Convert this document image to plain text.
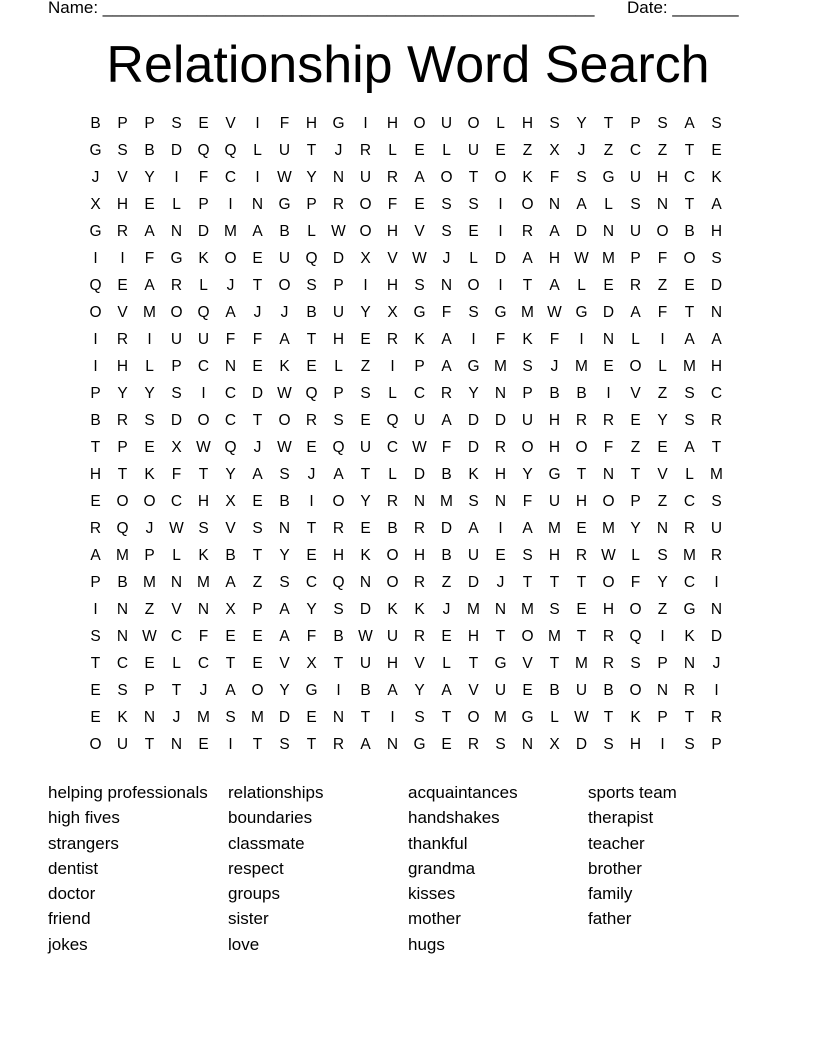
Name: ____________________________________________________ Date: _______
Relationship Word Search
B	P	P	S	E	V	I	F	H G	I	H O U O	L	H	S	Y	T	P	S	A	S
G	S	B	D Q Q	L	U	T	J	R	L	E	L	U	E	Z	X	J	Z	C	Z	T	E
J	V	Y	I	F	C	I	W Y	N	U	R	A	O	T	O	K	F	S	G U	H	C	K
X	H	E	L	P	I	N G	P	R O	F	E	S	S	I	O N	A	L	S	N	T	A
G R	A	N	D M A	B	L W O H	V	S	E	I	R	A	D	N	U O	B	H
I	I	F	G	K	O	E	U Q D	X	V W	J	L	D	A	H W M P	F	O	S
Q	E	A	R	L	J	T	O	S	P	I	H	S	N O	I	T	A	L	E	R	Z	E	D
O	V M O Q	A	J	J	B	U	Y	X	G	F	S	G M W G D	A	F	T	N
I	R	I	U	U	F	F	A	T	H	E	R	K	A	I	F	K	F	I	N	L	I	A	A
I	H	L	P	C	N	E	K	E	L	Z	I	P	A	G M S	J	M E	O	L	M H
P	Y	Y	S	I	C	D W Q	P	S	L	C	R	Y	N	P	B	B	I	V	Z	S	C
B	R	S	D O C	T	O R	S	E	Q U	A	D	D	U	H	R	R	E	Y	S	R
T	P	E	X W Q	J	W E	Q U	C W F	D	R O H O	F	Z	E	A	T
H	T	K	F	T	Y	A	S	J	A	T	L	D	B	K	H	Y	G	T	N	T	V	L	M
E	O O C	H	X	E	B	I	O	Y	R	N M S	N	F	U	H O	P	Z	C	S
R Q	J	W S	V	S	N	T	R	E	B	R	D	A	I	A M E M Y	N	R	U
A M P	L	K	B	T	Y	E	H	K	O H	B	U	E	S	H	R W L	S M R
P	B M N M A	Z	S	C Q N O R	Z	D	J	T	T	T	O	F	Y	C	I
I	N	Z	V	N	X	P	A	Y	S	D	K	K	J	M N M S	E	H O	Z	G N
S	N W C	F	E	E	A	F	B W U	R	E	H	T	O M	T	R Q	I	K	D
T	C	E	L	C	T	E	V	X	T	U	H	V	L	T	G	V	T	M R	S	P	N	J
E	S	P	T	J	A	O	Y	G	I	B	A	Y	A	V	U	E	B	U	B	O N	R	I
E	K	N	J	M S M D	E	N	T	I	S	T	O M G	L W T	K	P	T	R
O U	T	N	E	I	T	S	T	R	A	N G	E	R	S	N	X	D	S	H	I	S	P
helping professionals	relationships	acquaintances	sports team
high fives	boundaries	handshakes	therapist
strangers	classmate	thankful	teacher
dentist	respect	grandma	brother
doctor	groups	kisses	family
friend	sister	mother	father
jokes	love	hugs
